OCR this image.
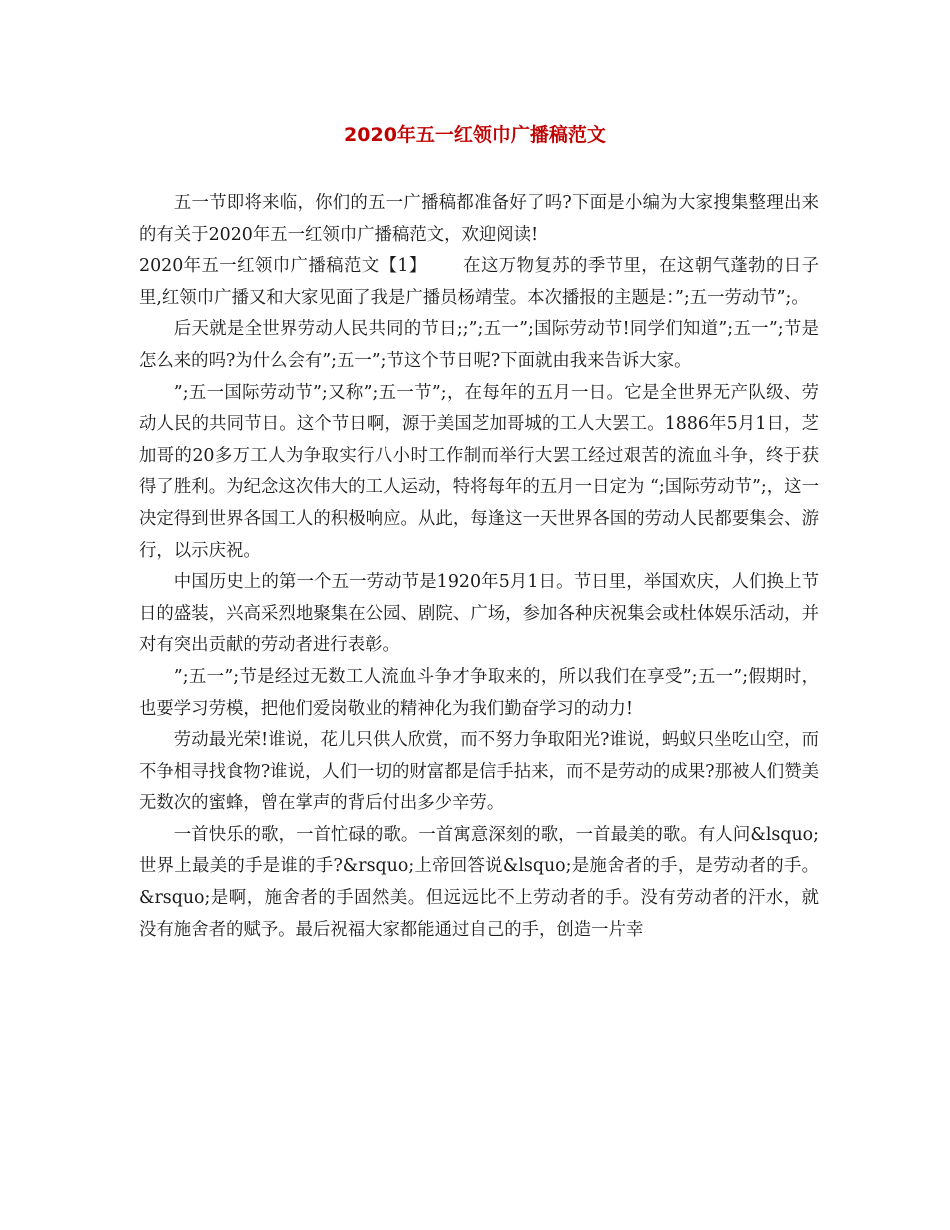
2020年五一红领巾广播稿范文

五一节即将来临，你们的五一广播稿都准备好了吗?下面是小编为大家搜集整理出来的有关于2020年五一红领巾广播稿范文，欢迎阅读!

2020年五一红领巾广播稿范文【1】 在这万物复苏的季节里，在这朝气蓬勃的日子里,红领巾广播又和大家见面了我是广播员杨靖莹。本次播报的主题是：”;五一劳动节”;。

后天就是全世界劳动人民共同的节日;;”;五一”;国际劳动节!同学们知道”;五一”;节是怎么来的吗?为什么会有”;五一”;节这个节日呢?下面就由我来告诉大家。

”;五一国际劳动节”;又称”;五一节”;，在每年的五月一日。它是全世界无产队级、劳动人民的共同节日。这个节日啊，源于美国芝加哥城的工人大罢工。1886年5月1日，芝加哥的20多万工人为争取实行八小时工作制而举行大罢工经过艰苦的流血斗争，终于获得了胜利。为纪念这次伟大的工人运动，特将每年的五月一日定为 “;国际劳动节”;，这一决定得到世界各国工人的积极响应。从此，每逢这一天世界各国的劳动人民都要集会、游行，以示庆祝。

中国历史上的第一个五一劳动节是1920年5月1日。节日里，举国欢庆，人们换上节日的盛装，兴高采烈地聚集在公园、剧院、广场，参加各种庆祝集会或杜体娱乐活动，并对有突出贡献的劳动者进行表彰。

”;五一”;节是经过无数工人流血斗争才争取来的，所以我们在享受”;五一”;假期时，也要学习劳模，把他们爱岗敬业的精神化为我们勤奋学习的动力!

劳动最光荣!谁说，花儿只供人欣赏，而不努力争取阳光?谁说，蚂蚁只坐吃山空，而不争相寻找食物?谁说，人们一切的财富都是信手拈来，而不是劳动的成果?那被人们赞美无数次的蜜蜂，曾在掌声的背后付出多少辛劳。

一首快乐的歌，一首忙碌的歌。一首寓意深刻的歌，一首最美的歌。有人问&lsquo;世界上最美的手是谁的手?&rsquo;上帝回答说&lsquo;是施舍者的手，是劳动者的手。&rsquo;是啊，施舍者的手固然美。但远远比不上劳动者的手。没有劳动者的汗水，就没有施舍者的赋予。最后祝福大家都能通过自己的手，创造一片幸
